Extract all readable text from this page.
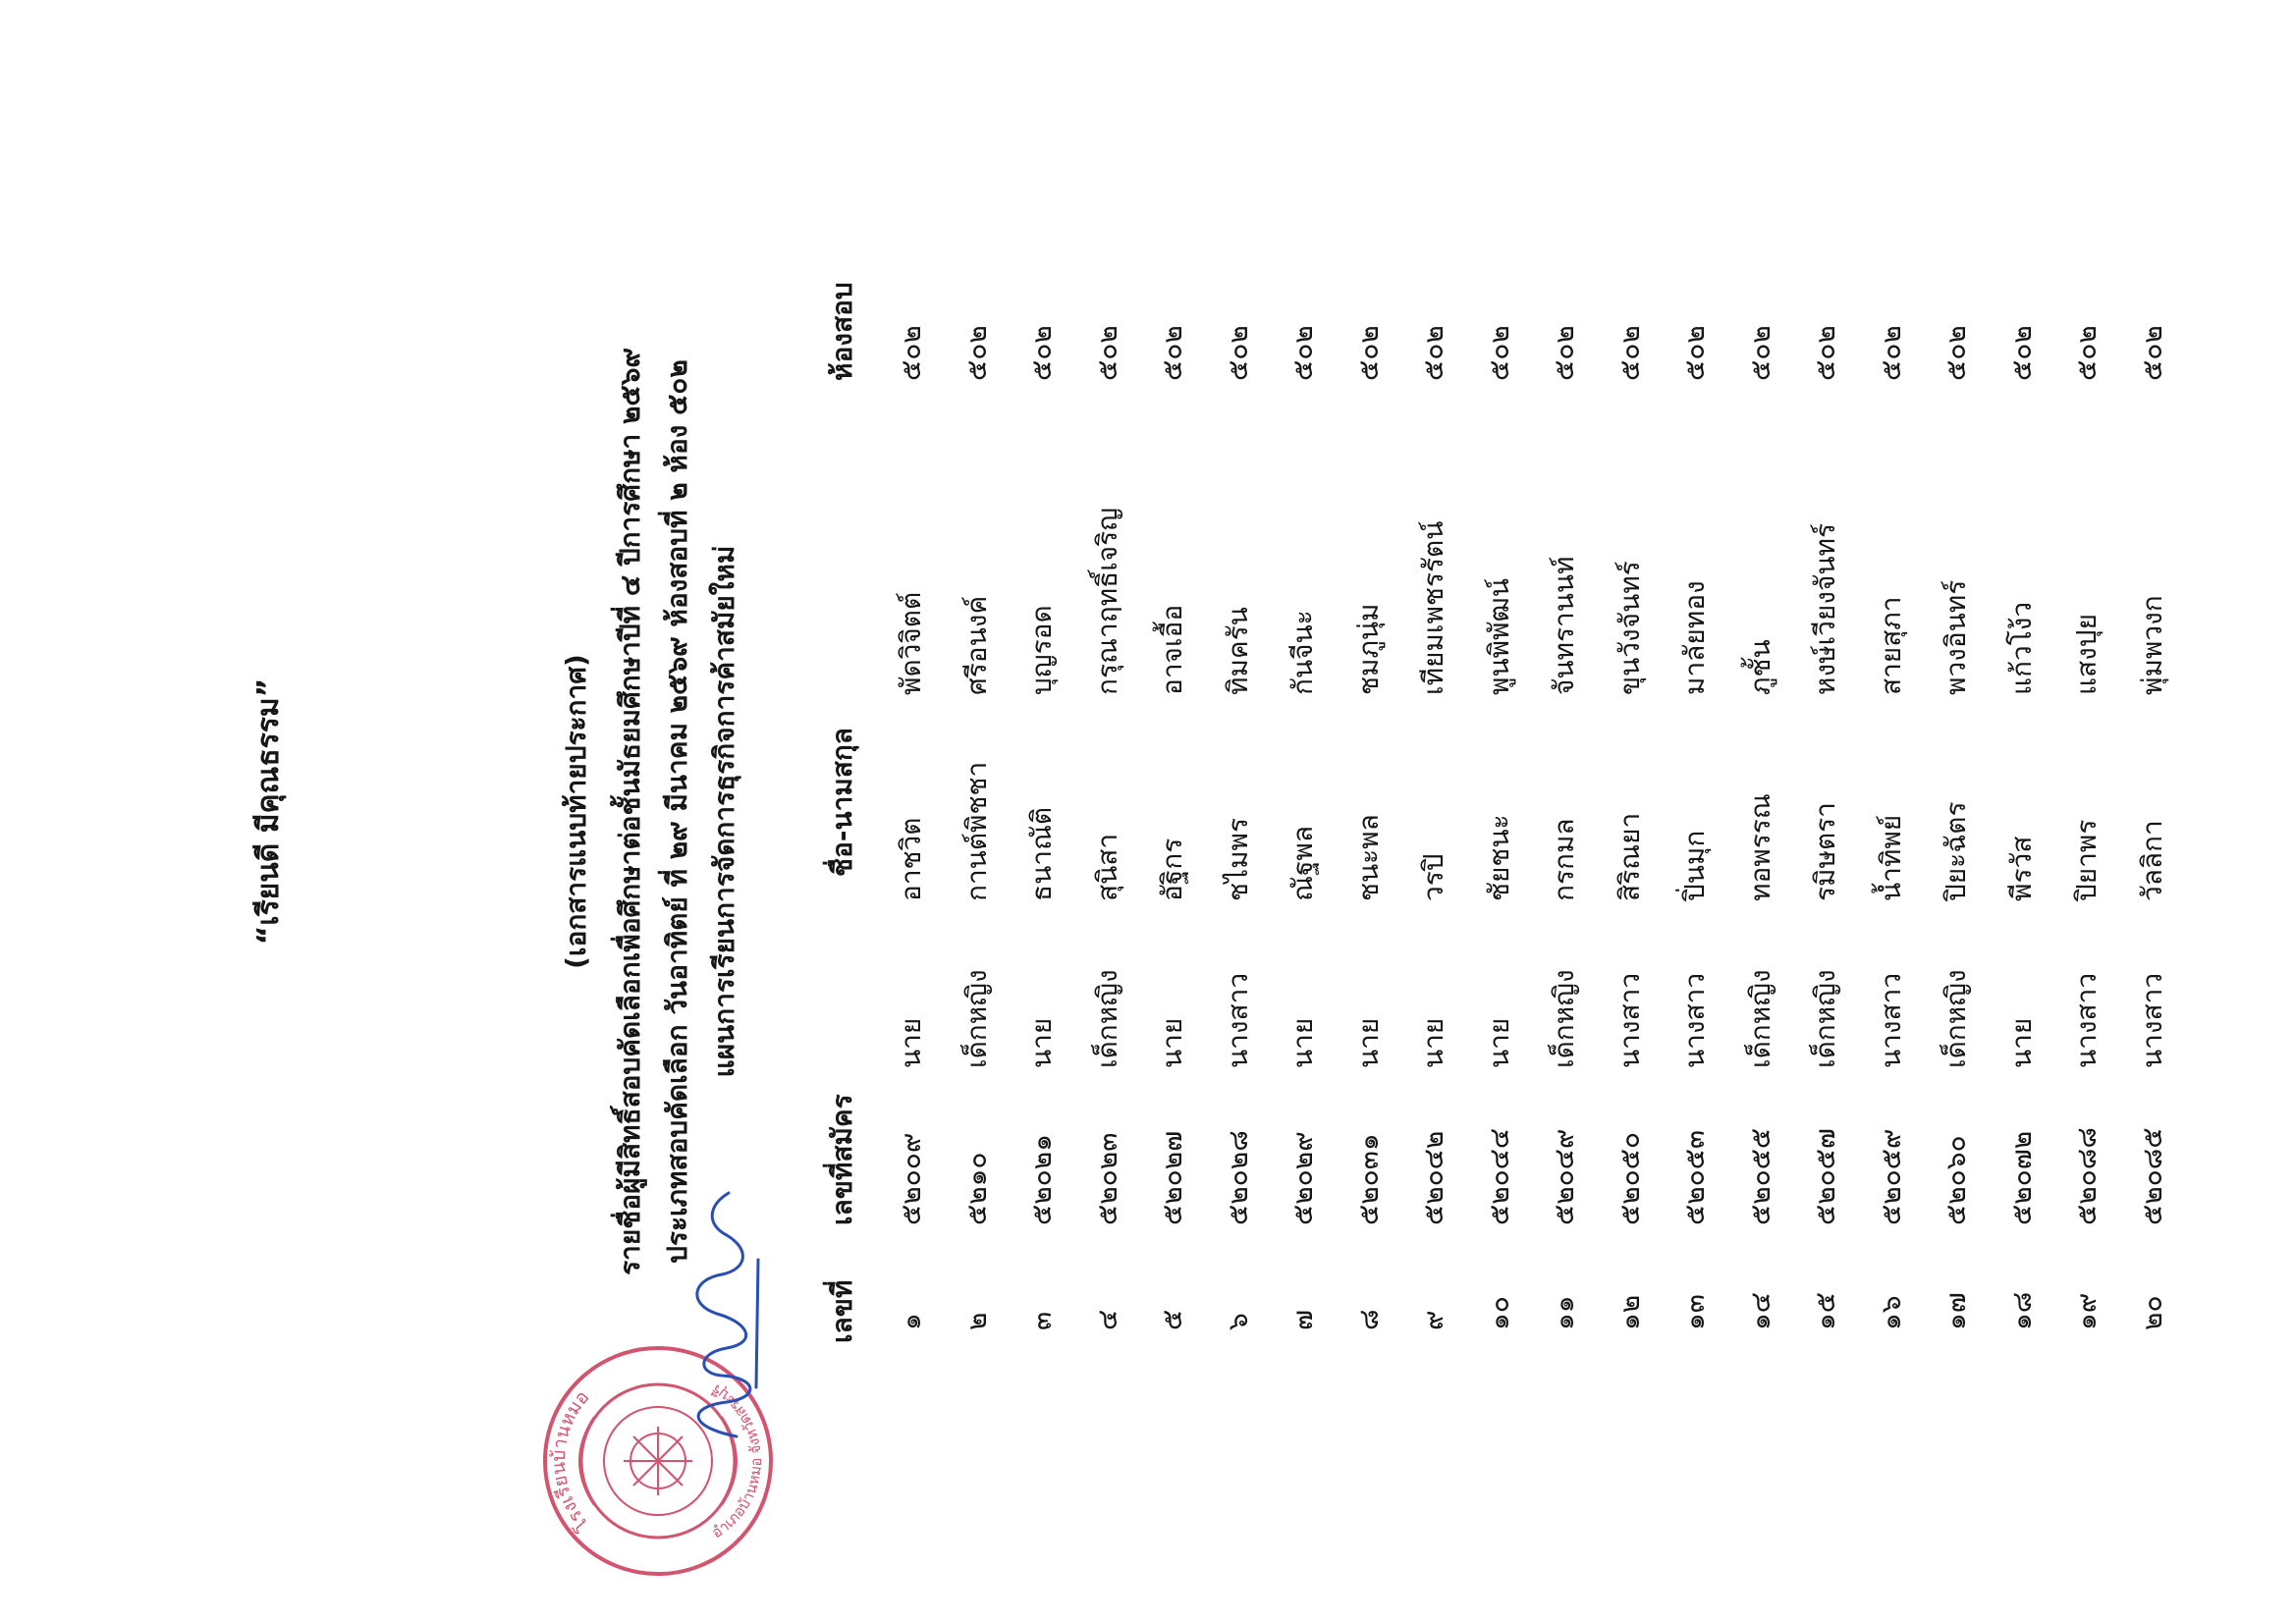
(เอกสารแนบท้ายประกาศ) รายชื่อผู้มีสิทธิ์สอบคัดเลือกเพื่อศึกษาต่อชั้นมัธยมศึกษาปีที่ ๔ ปีการศึกษา ๒๕๖๙ ประเภทสอบคัดเลือก วันอาทิตย์ ที่ ๒๙ มีนาคม ๒๕๖๙ ห้องสอบที่ ๒ ห้อง ๕๐๒ แผนการเรียนการจัดการธุรกิจการค้าสมัยใหม่
เลขที่
เลขที่สมัคร
ชื่อ-นามสกุล
ห้องสอบ
๑
๕๒๐๐๙
นาย
อาชวิต
พัดวิจิตต์
๕๐๒
๒
๕๒๑๐
เด็กหญิง
กานต์พิชชา
ศรีอนงค์
๕๐๒
๓
๕๒๐๒๑
นาย
ธนาณัติ
บุญรอด
๕๐๒
๔
๕๒๐๒๓
เด็กหญิง
สุนิสา
กรุณาฤทธิ์เจริญ
๕๐๒
๕
๕๒๐๒๗
นาย
อัฐิกร
อาจเอื้อ
๕๐๒
๖
๕๒๐๒๘
นางสาว
ชไมพร
ทิมครัน
๕๐๒
๗
๕๒๐๒๙
นาย
ณัฐพล
กันจีนะ
๕๐๒
๘
๕๒๐๓๑
นาย
ชนะพล
ชมภูนุ่ม
๕๐๒
๙
๕๒๐๔๒
นาย
วรปิ
เทียมเพชรรัตน์
๕๐๒
๑๐
๕๒๐๔๔
นาย
ชัยชนะ
พูนพิพัฒน์
๕๐๒
๑๑
๕๒๐๔๙
เด็กหญิง
กรกมล
จันทรานนท์
๕๐๒
๑๒
๕๒๐๕๐
นางสาว
สิริณยา
ขุนวังจันทร์
๕๐๒
๑๓
๕๒๐๕๓
นางสาว
ปิ่นมุก
มาลัยทอง
๕๐๒
๑๔
๕๒๐๕๕
เด็กหญิง
ทอพรรณ
ภูชั้น
๕๐๒
๑๕
๕๒๐๕๗
เด็กหญิง
รมิษตรา
หงษ์เวียงจันทร์
๕๐๒
๑๖
๕๒๐๕๙
นางสาว
น้ำทิพย์
สายสุภา
๕๐๒
๑๗
๕๒๐๖๐
เด็กหญิง
ปิยะฉัตร
พวงอินทร์
๕๐๒
๑๘
๕๒๐๗๒
นาย
พีรวัส
แก้วโง้ว
๕๐๒
๑๙
๕๒๐๘๘
นางสาว
ปิยาพร
แสงปุย
๕๐๒
๒๐
๕๒๐๘๕
นางสาว
วัลลิกา
พุ่มพวงก
๕๐๒
“เรียนดี มีคุณธรรม”
โรงเรียนบ้านหมอ
อำเภอบ้านหมอ จังหวัดสระบุรี
